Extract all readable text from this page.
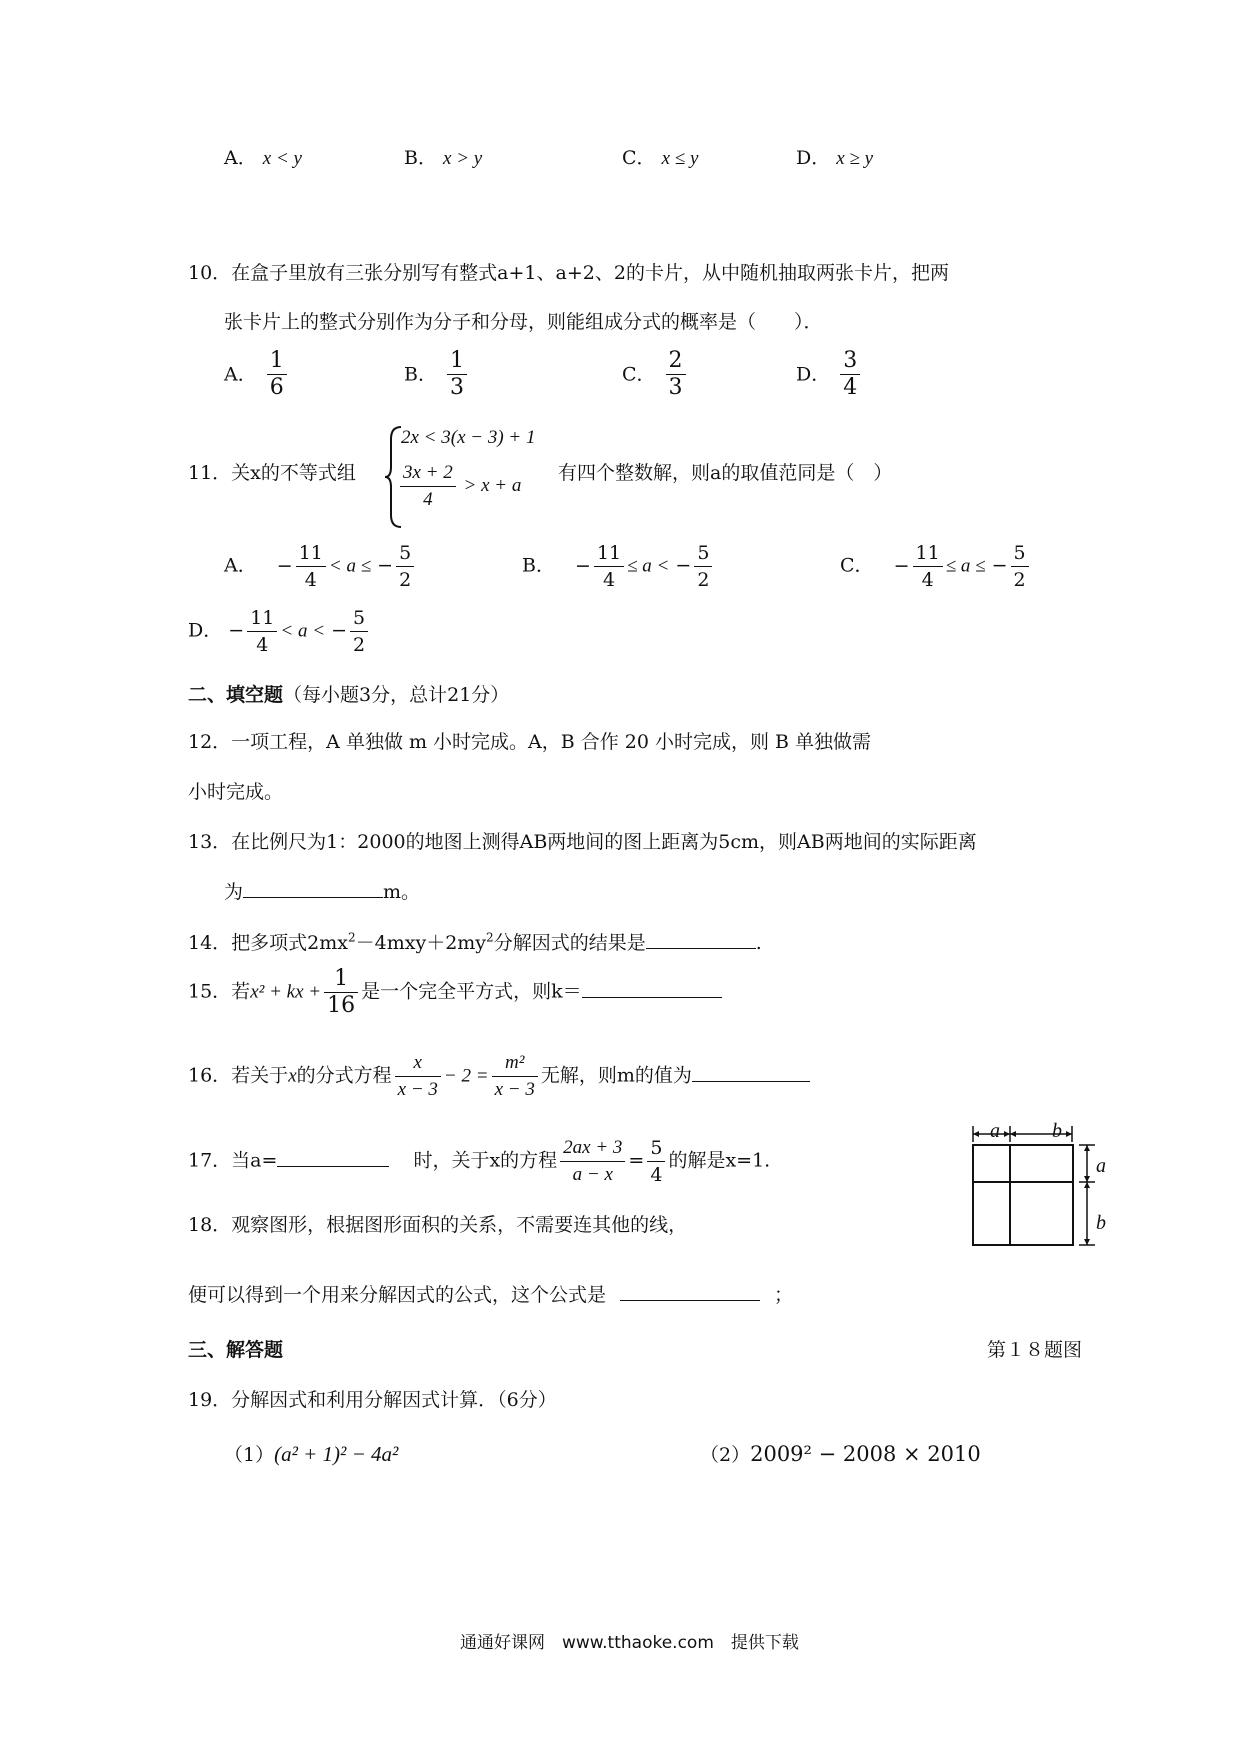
A． x < y	B． x > y	C． x ≤ y	D． x ≥ y
10．在盒子里放有三张分别写有整式a+1、a+2、2的卡片，从中随机抽取两张卡片，把两
张卡片上的整式分别作为分子和分母，则能组成分式的概率是（　　）．
A． $\frac{1}{6}$	B． $\frac{1}{3}$	C． $\frac{2}{3}$	D． $\frac{3}{4}$
11．关x的不等式组
2x < 3(x − 3) + 1
$\frac{3x + 2}{4} > x + a$
有四个整数解，则a的取值范同是（　）
A． − $\frac{11}{4} < a$ ≤ − $\frac{5}{2}$	B． − $\frac{11}{4} \le a$ < − $\frac{5}{2}$	C． − $\frac{11}{4} \le a$ ≤ − $\frac{5}{2}$
D． − $\frac{11}{4} < a$ < − $\frac{5}{2}$
二、填空题（每小题3分，总计21分）
12．一项工程，A 单独做 m 小时完成。A，B 合作 20 小时完成，则 B 单独做需
小时完成。
13．在比例尺为1：2000的地图上测得AB两地间的图上距离为5cm，则AB两地间的实际距离
为	m。
14．把多项式$2mx^2-4mxy+2my^2$分解因式的结果是	.
15．若x² + kx + $\frac{1}{16}$ 是一个完全平方式，则k＝
16．若关于x的分式方程 $\frac{x}{x - 3} - 2 = \frac{\text{m²}}{x - 3}$ 无解，则m的值为
17．当a=	时，关于x的方程 $\frac{2ax + 3}{a - x} = \frac{5}{4}$ 的解是x=1.
18．观察图形，根据图形面积的关系，不需要连其他的线，
便可以得到一个用来分解因式的公式，这个公式是	；
a	b
a
b
三、解答题	第１８题图
19．分解因式和利用分解因式计算．（6分）
（1）(a² + 1)² − 4a²	（2）2009² − 2008 × 2010
通通好课网　www.tthaoke.com　提供下载
